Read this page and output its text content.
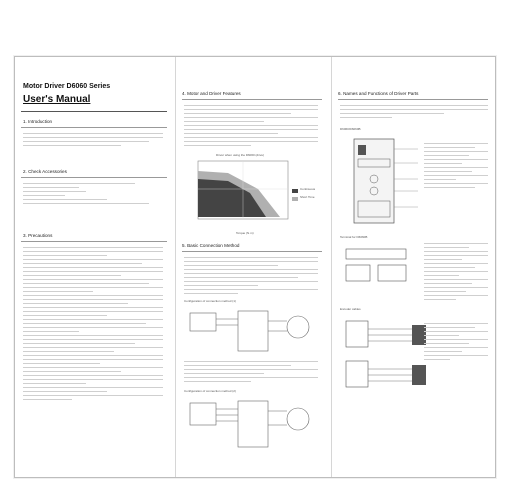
Motor Driver D6060 Series
User's Manual
1. Introduction
2. Check Accessories
3. Precautions
4. Motor and Driver Features
Driver when using the D6060 (drive)
Continuous
Short Time
Torque (N·m)
5. Basic Connection Method
Configuration of connection method (1)
Configuration of connection method (2)
6. Names and Functions of Driver Parts
D6060/D6060B
Terminal for D6060B
Encoder cables
